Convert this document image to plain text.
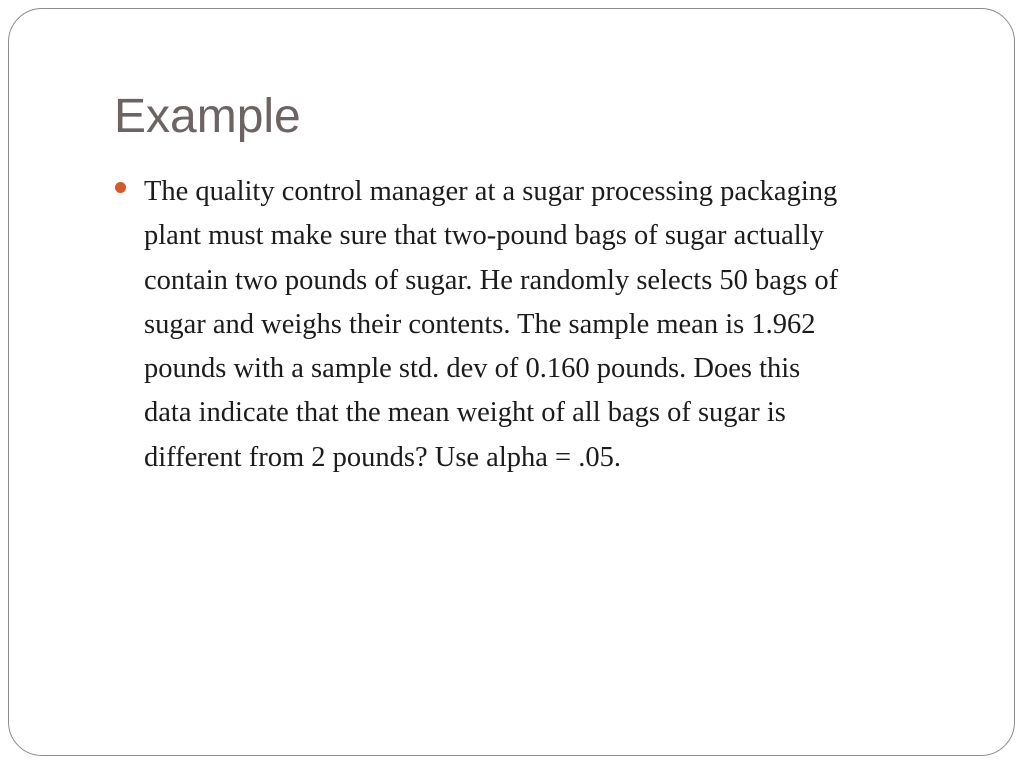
Example
The quality control manager at a sugar processing packaging
plant must make sure that two-pound bags of sugar actually
contain two pounds of sugar. He randomly selects 50 bags of
sugar and weighs their contents. The sample mean is 1.962
pounds with a sample std. dev of 0.160 pounds. Does this
data indicate that the mean weight of all bags of sugar is
different from 2 pounds? Use alpha = .05.
